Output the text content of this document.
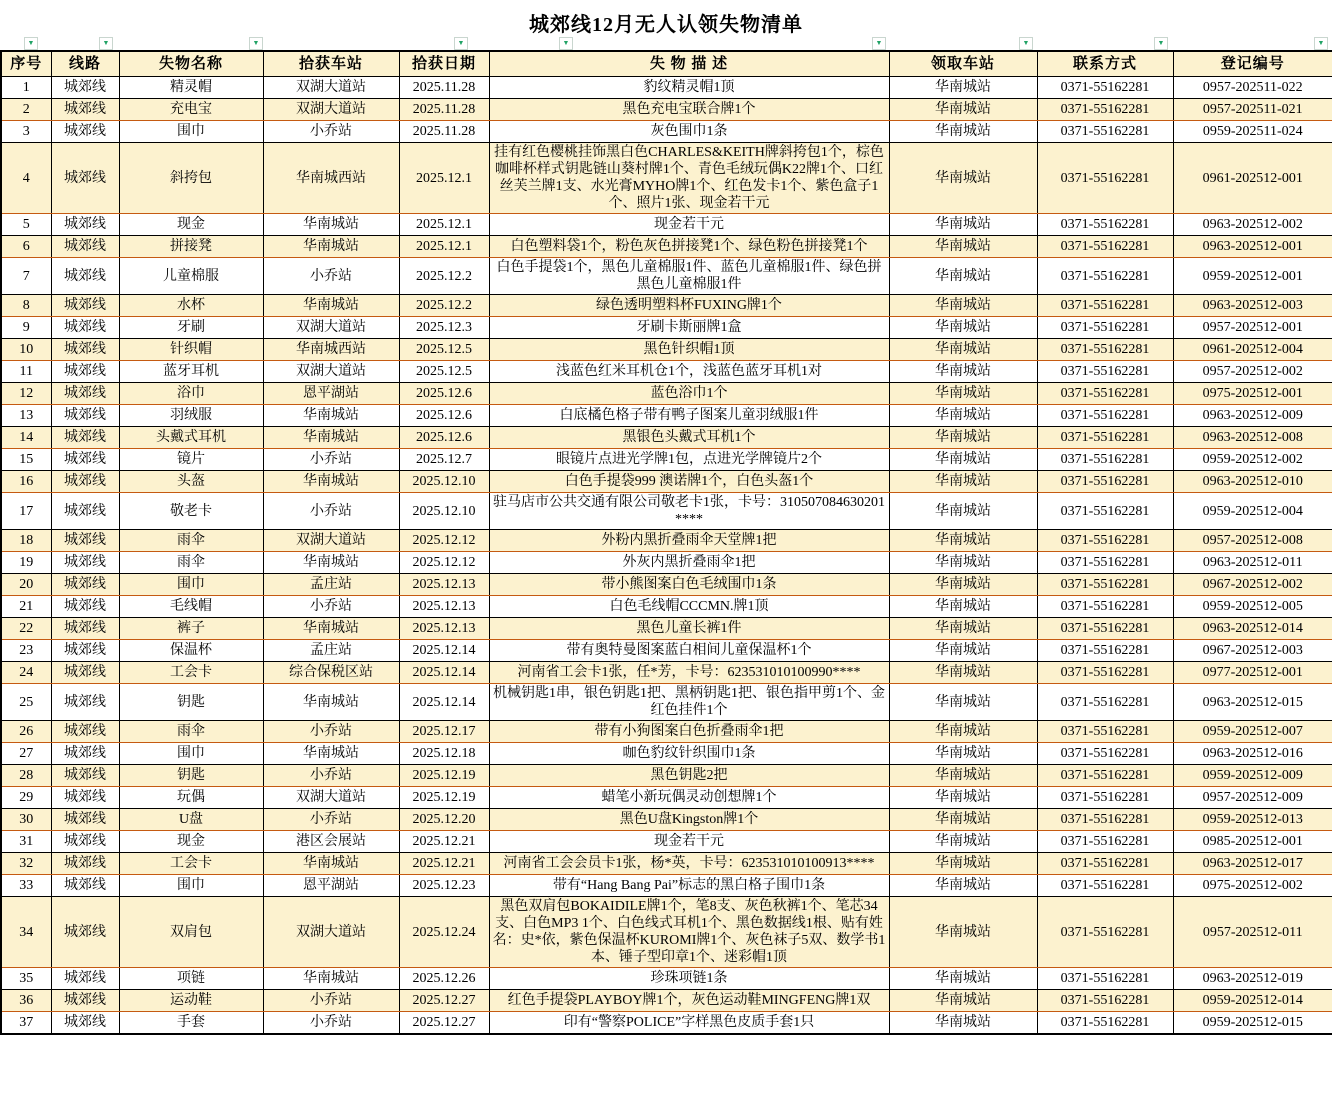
城郊线12月无人认领失物清单
▼	▼	▼	▼	▼	▼	▼	▼	▼
序号	线路	失物名称	拾获车站	拾获日期	失 物 描 述	领取车站	联系方式	登记编号
1	城郊线	精灵帽	双湖大道站	2025.11.28	豹纹精灵帽1顶	华南城站	0371-55162281	0957-202511-022
2	城郊线	充电宝	双湖大道站	2025.11.28	黑色充电宝联合牌1个	华南城站	0371-55162281	0957-202511-021
3	城郊线	围巾	小乔站	2025.11.28	灰色围巾1条	华南城站	0371-55162281	0959-202511-024
4	城郊线	斜挎包	华南城西站	2025.12.1	挂有红色樱桃挂饰黑白色CHARLES&KEITH牌斜挎包1个，棕色咖啡杯样式钥匙链山葵村牌1个、青色毛绒玩偶K22牌1个、口红丝芙兰牌1支、水光膏MYHO牌1个、红色发卡1个、紫色盒子1个、照片1张、现金若干元	华南城站	0371-55162281	0961-202512-001
5	城郊线	现金	华南城站	2025.12.1	现金若干元	华南城站	0371-55162281	0963-202512-002
6	城郊线	拼接凳	华南城站	2025.12.1	白色塑料袋1个，粉色灰色拼接凳1个、绿色粉色拼接凳1个	华南城站	0371-55162281	0963-202512-001
7	城郊线	儿童棉服	小乔站	2025.12.2	白色手提袋1个，黑色儿童棉服1件、蓝色儿童棉服1件、绿色拼黑色儿童棉服1件	华南城站	0371-55162281	0959-202512-001
8	城郊线	水杯	华南城站	2025.12.2	绿色透明塑料杯FUXING牌1个	华南城站	0371-55162281	0963-202512-003
9	城郊线	牙刷	双湖大道站	2025.12.3	牙刷卡斯丽牌1盒	华南城站	0371-55162281	0957-202512-001
10	城郊线	针织帽	华南城西站	2025.12.5	黑色针织帽1顶	华南城站	0371-55162281	0961-202512-004
11	城郊线	蓝牙耳机	双湖大道站	2025.12.5	浅蓝色红米耳机仓1个，浅蓝色蓝牙耳机1对	华南城站	0371-55162281	0957-202512-002
12	城郊线	浴巾	恩平湖站	2025.12.6	蓝色浴巾1个	华南城站	0371-55162281	0975-202512-001
13	城郊线	羽绒服	华南城站	2025.12.6	白底橘色格子带有鸭子图案儿童羽绒服1件	华南城站	0371-55162281	0963-202512-009
14	城郊线	头戴式耳机	华南城站	2025.12.6	黑银色头戴式耳机1个	华南城站	0371-55162281	0963-202512-008
15	城郊线	镜片	小乔站	2025.12.7	眼镜片点进光学牌1包，点进光学牌镜片2个	华南城站	0371-55162281	0959-202512-002
16	城郊线	头盔	华南城站	2025.12.10	白色手提袋999 澳诺牌1个，白色头盔1个	华南城站	0371-55162281	0963-202512-010
17	城郊线	敬老卡	小乔站	2025.12.10	驻马店市公共交通有限公司敬老卡1张，卡号：310507084630201****	华南城站	0371-55162281	0959-202512-004
18	城郊线	雨伞	双湖大道站	2025.12.12	外粉内黑折叠雨伞天堂牌1把	华南城站	0371-55162281	0957-202512-008
19	城郊线	雨伞	华南城站	2025.12.12	外灰内黑折叠雨伞1把	华南城站	0371-55162281	0963-202512-011
20	城郊线	围巾	孟庄站	2025.12.13	带小熊图案白色毛绒围巾1条	华南城站	0371-55162281	0967-202512-002
21	城郊线	毛线帽	小乔站	2025.12.13	白色毛线帽CCCMN.牌1顶	华南城站	0371-55162281	0959-202512-005
22	城郊线	裤子	华南城站	2025.12.13	黑色儿童长裤1件	华南城站	0371-55162281	0963-202512-014
23	城郊线	保温杯	孟庄站	2025.12.14	带有奥特曼图案蓝白相间儿童保温杯1个	华南城站	0371-55162281	0967-202512-003
24	城郊线	工会卡	综合保税区站	2025.12.14	河南省工会卡1张，任*芳，卡号：623531010100990****	华南城站	0371-55162281	0977-202512-001
25	城郊线	钥匙	华南城站	2025.12.14	机械钥匙1串，银色钥匙1把、黑柄钥匙1把、银色指甲剪1个、金红色挂件1个	华南城站	0371-55162281	0963-202512-015
26	城郊线	雨伞	小乔站	2025.12.17	带有小狗图案白色折叠雨伞1把	华南城站	0371-55162281	0959-202512-007
27	城郊线	围巾	华南城站	2025.12.18	咖色豹纹针织围巾1条	华南城站	0371-55162281	0963-202512-016
28	城郊线	钥匙	小乔站	2025.12.19	黑色钥匙2把	华南城站	0371-55162281	0959-202512-009
29	城郊线	玩偶	双湖大道站	2025.12.19	蜡笔小新玩偶灵动创想牌1个	华南城站	0371-55162281	0957-202512-009
30	城郊线	U盘	小乔站	2025.12.20	黑色U盘Kingston牌1个	华南城站	0371-55162281	0959-202512-013
31	城郊线	现金	港区会展站	2025.12.21	现金若干元	华南城站	0371-55162281	0985-202512-001
32	城郊线	工会卡	华南城站	2025.12.21	河南省工会会员卡1张，杨*英，卡号：623531010100913****	华南城站	0371-55162281	0963-202512-017
33	城郊线	围巾	恩平湖站	2025.12.23	带有“Hang Bang Pai”标志的黑白格子围巾1条	华南城站	0371-55162281	0975-202512-002
34	城郊线	双肩包	双湖大道站	2025.12.24	黑色双肩包BOKAIDILE牌1个，笔8支、灰色秋裤1个、笔芯34支、白色MP3 1个、白色线式耳机1个、黑色数据线1根、贴有姓名：史*依，紫色保温杯KUROMI牌1个、灰色袜子5双、数学书1本、锤子型印章1个、迷彩帽1顶	华南城站	0371-55162281	0957-202512-011
35	城郊线	项链	华南城站	2025.12.26	珍珠项链1条	华南城站	0371-55162281	0963-202512-019
36	城郊线	运动鞋	小乔站	2025.12.27	红色手提袋PLAYBOY牌1个，灰色运动鞋MINGFENG牌1双	华南城站	0371-55162281	0959-202512-014
37	城郊线	手套	小乔站	2025.12.27	印有“警察POLICE”字样黑色皮质手套1只	华南城站	0371-55162281	0959-202512-015
